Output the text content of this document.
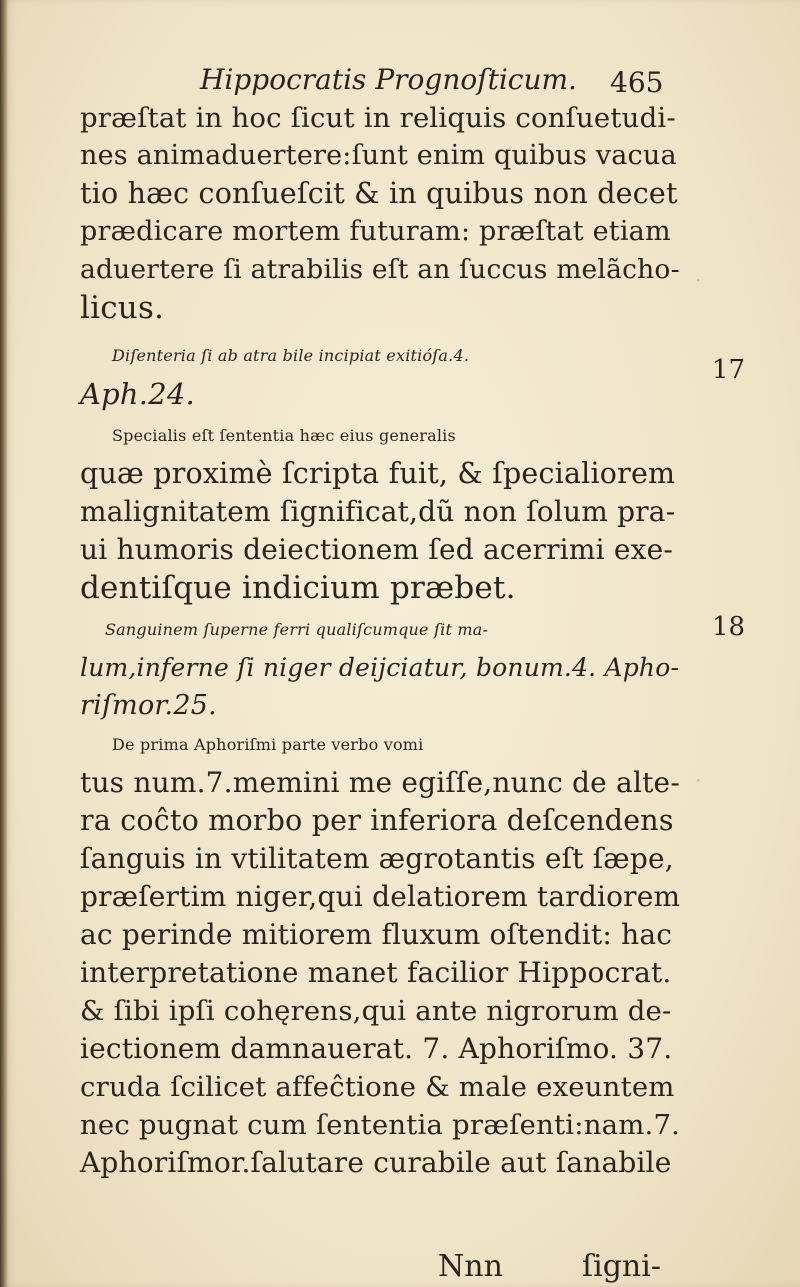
Hippocratis Prognoſticum. 465
præſtat in hoc ſicut in reliquis conſuetudi-
nes animaduertere:ſunt enim quibus vacua
tio hæc conſueſcit & in quibus non decet
prædicare mortem futuram: præſtat etiam
aduertere ſi atrabilis eſt an ſuccus melãcho-
licus.
Diſenteria ſi ab atra bile incipiat exitióſa.4.
Aph.24.
Specialis eſt ſententia hæc eius generalis
quæ proximè ſcripta fuit, & ſpecialiorem
malignitatem ſignificat,dũ non ſolum pra-
ui humoris deiectionem ſed acerrimi exe-
dentiſque indicium præbet.
Sanguinem ſuperne ferri qualiſcumque ſit ma-
lum,inferne ſi niger deijciatur, bonum.4. Apho-
riſmor.25.
De prima Aphoriſmi parte verbo vomi
tus num.7.memini me egiſſe,nunc de alte-
ra coĉto morbo per inferiora deſcendens
ſanguis in vtilitatem ægrotantis eſt ſæpe,
præſertim niger,qui delatiorem tardiorem
ac perinde mitiorem fluxum oſtendit: hac
interpretatione manet facilior Hippocrat.
& ſibi ipſi cohęrens,qui ante nigrorum de-
iectionem damnauerat. 7. Aphoriſmo. 37.
cruda ſcilicet affeĉtione & male exeuntem
nec pugnat cum ſententia præſenti:nam.7.
Aphoriſmor.ſalutare curabile aut ſanabile
17
18
·
·
Nnn	ſigni-
